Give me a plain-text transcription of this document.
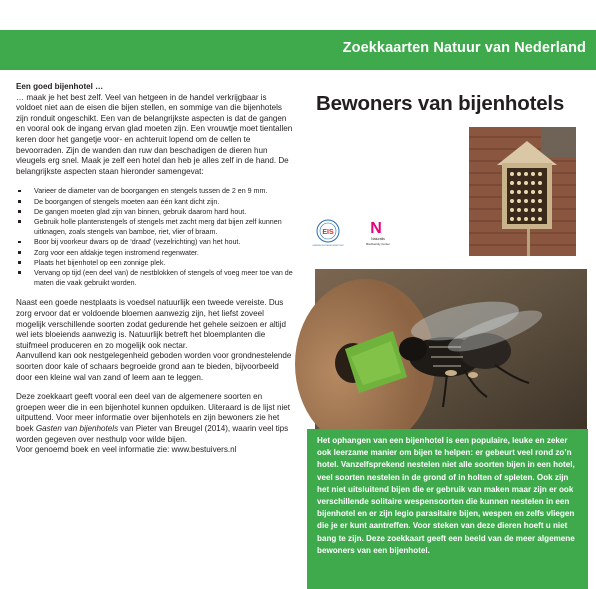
Zoekkaarten Natuur van Nederland

Een goed bijenhotel …

… maak je het best zelf. Veel van hetgeen in de handel verkrijgbaar is voldoet niet aan de eisen die bijen stellen, en sommige van die bijenhotels zijn ronduit ongeschikt. Een van de belangrijkste aspecten is dat de gangen en vooral ook de ingang ervan glad moeten zijn. Een vrouwtje moet tientallen keren door het gangetje voor- en achteruit lopend om de cellen te bevoorraden. Zijn de wanden dan ruw dan beschadigen de dieren hun vleugels erg snel. Maak je zelf een hotel dan heb je alles zelf in de hand. De belangrijkste aspecten staan hieronder samengevat:

Varieer de diameter van de boorgangen en stengels tussen de 2 en 9 mm.
De boorgangen of stengels moeten aan één kant dicht zijn.
De gangen moeten glad zijn van binnen, gebruik daarom hard hout.
Gebruik holle plantenstengels of stengels met zacht merg dat bijen zelf kunnen uitknagen, zoals stengels van bamboe, riet, vlier of braam.
Boor bij voorkeur dwars op de ‘draad’ (vezelrichting) van het hout.
Zorg voor een afdakje tegen instromend regenwater.
Plaats het bijenhotel op een zonnige plek.
Vervang op tijd (een deel van) de nestblokken of stengels of voeg meer toe van de maten die vaak gebruikt worden.

Naast een goede nestplaats is voedsel natuurlijk een tweede vereiste. Dus zorg ervoor dat er voldoende bloemen aanwezig zijn, het liefst zoveel mogelijk verschillende soorten zodat gedurende het gehele seizoen er altijd wel iets bloeiends aanwezig is. Natuurlijk betreft het bloemplanten die stuifmeel produceren en zo mogelijk ook nectar.

Aanvullend kan ook nestgelegenheid geboden worden voor grondnestelende soorten door kale of schaars begroeide grond aan te bieden, bijvoorbeeld door een kleine wal van zand of leem aan te leggen.

Deze zoekkaart geeft vooral een deel van de algemenere soorten en groepen weer die in een bijenhotel kunnen opduiken. Uiteraard is de lijst niet uitputtend. Voor meer informatie over bijenhotels en zijn bewoners zie het boek Gasten van bijenhotels van Pieter van Breugel (2014), waarin veel tips worden gegeven over nesthulp voor wilde bijen.

Voor genoemd boek en veel informatie zie: www.bestuivers.nl

Bewoners van bijenhotels
EIS
KENNISCENTRUM INSECTEN
N
Naturalis
Biodiversity Center

Het ophangen van een bijenhotel is een populaire, leuke en zeker ook leerzame manier om bijen te helpen: er gebeurt veel rond zo’n hotel. Vanzelfsprekend nestelen niet alle soorten bijen in een hotel, veel soorten nestelen in de grond of in holten of spleten. Ook zijn het niet uitsluitend bijen die er gebruik van maken maar zijn er ook verschillende solitaire wespensoorten die kunnen nestelen in een bijenhotel en er zijn legio parasitaire bijen, wespen en zelfs vliegen die je er kunt aantreffen. Voor steken van deze dieren hoeft u niet bang te zijn. Deze zoekkaart geeft een beeld van de meer algemene bewoners van een bijenhotel.
